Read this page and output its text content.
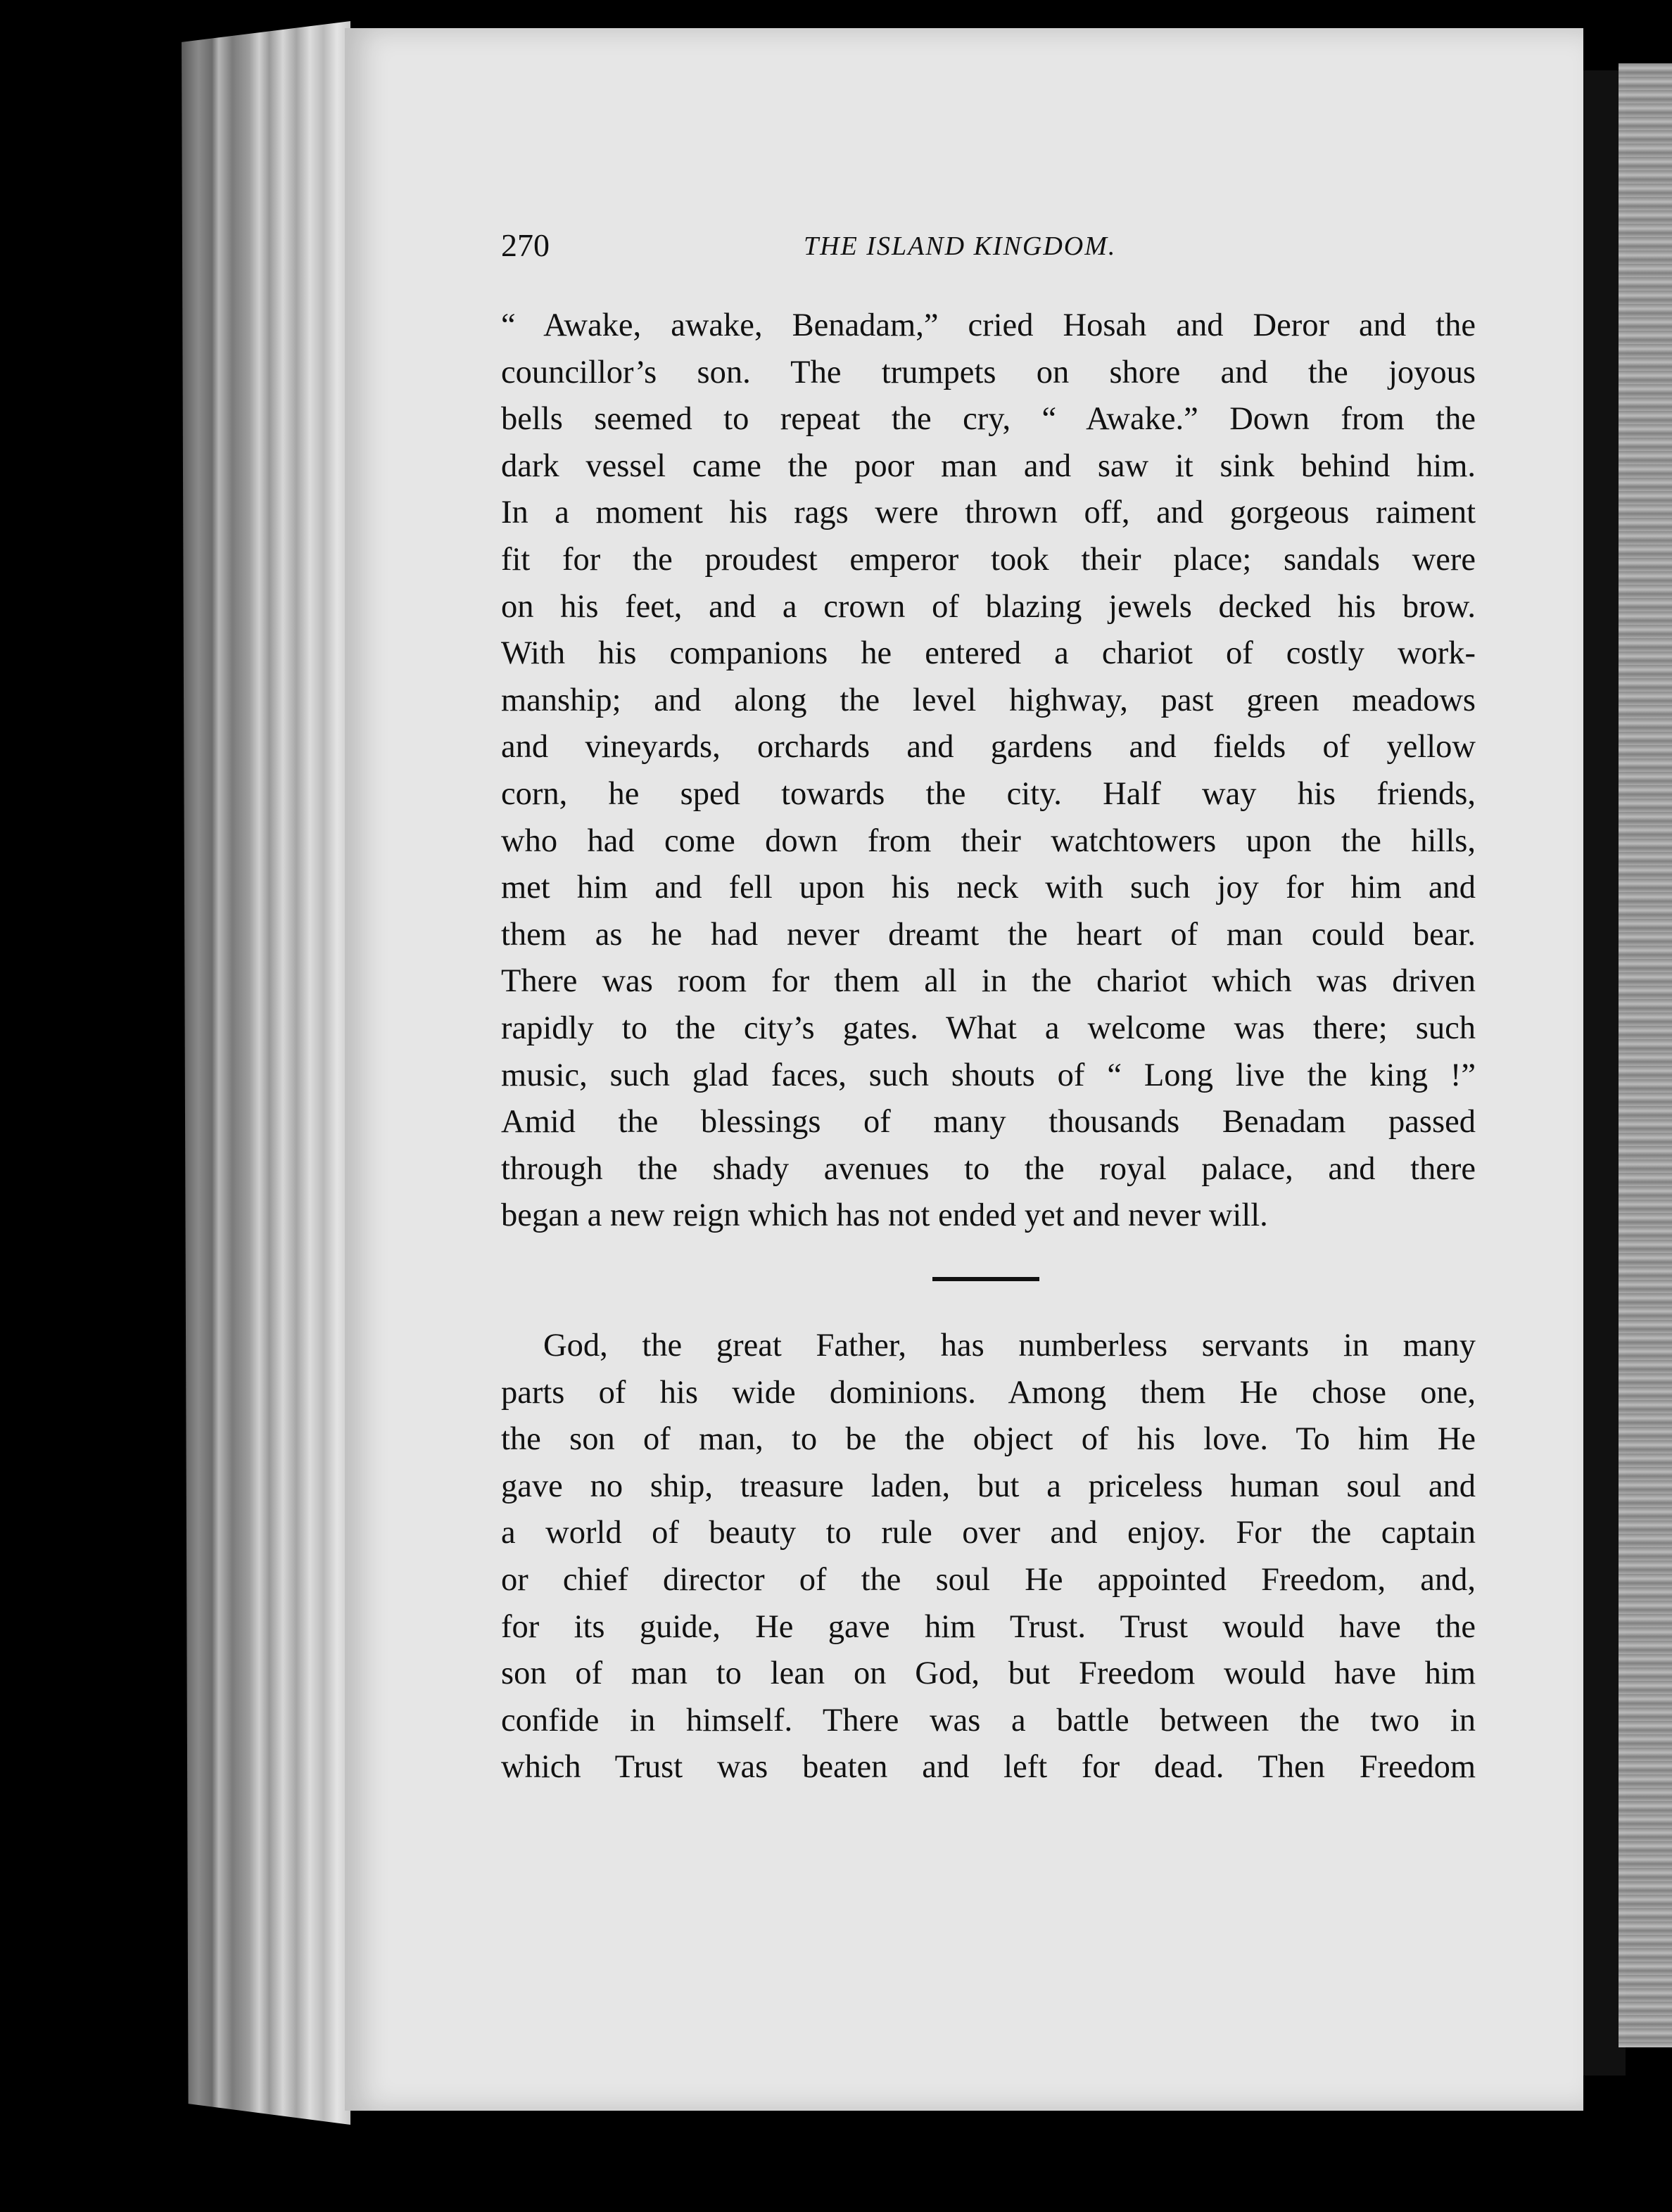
270	THE ISLAND KINGDOM.
“ Awake, awake, Benadam,” cried Hosah and Deror and the
councillor’s son. The trumpets on shore and the joyous
bells seemed to repeat the cry, “ Awake.” Down from the
dark vessel came the poor man and saw it sink behind him.
In a moment his rags were thrown off, and gorgeous raiment
fit for the proudest emperor took their place; sandals were
on his feet, and a crown of blazing jewels decked his brow.
With his companions he entered a chariot of costly work-
manship; and along the level highway, past green meadows
and vineyards, orchards and gardens and fields of yellow
corn, he sped towards the city. Half way his friends,
who had come down from their watchtowers upon the hills,
met him and fell upon his neck with such joy for him and
them as he had never dreamt the heart of man could bear.
There was room for them all in the chariot which was driven
rapidly to the city’s gates. What a welcome was there; such
music, such glad faces, such shouts of “ Long live the king !”
Amid the blessings of many thousands Benadam passed
through the shady avenues to the royal palace, and there
began a new reign which has not ended yet and never will.
God, the great Father, has numberless servants in many
parts of his wide dominions. Among them He chose one,
the son of man, to be the object of his love. To him He
gave no ship, treasure laden, but a priceless human soul and
a world of beauty to rule over and enjoy. For the captain
or chief director of the soul He appointed Freedom, and,
for its guide, He gave him Trust. Trust would have the
son of man to lean on God, but Freedom would have him
confide in himself. There was a battle between the two in
which Trust was beaten and left for dead. Then Freedom
